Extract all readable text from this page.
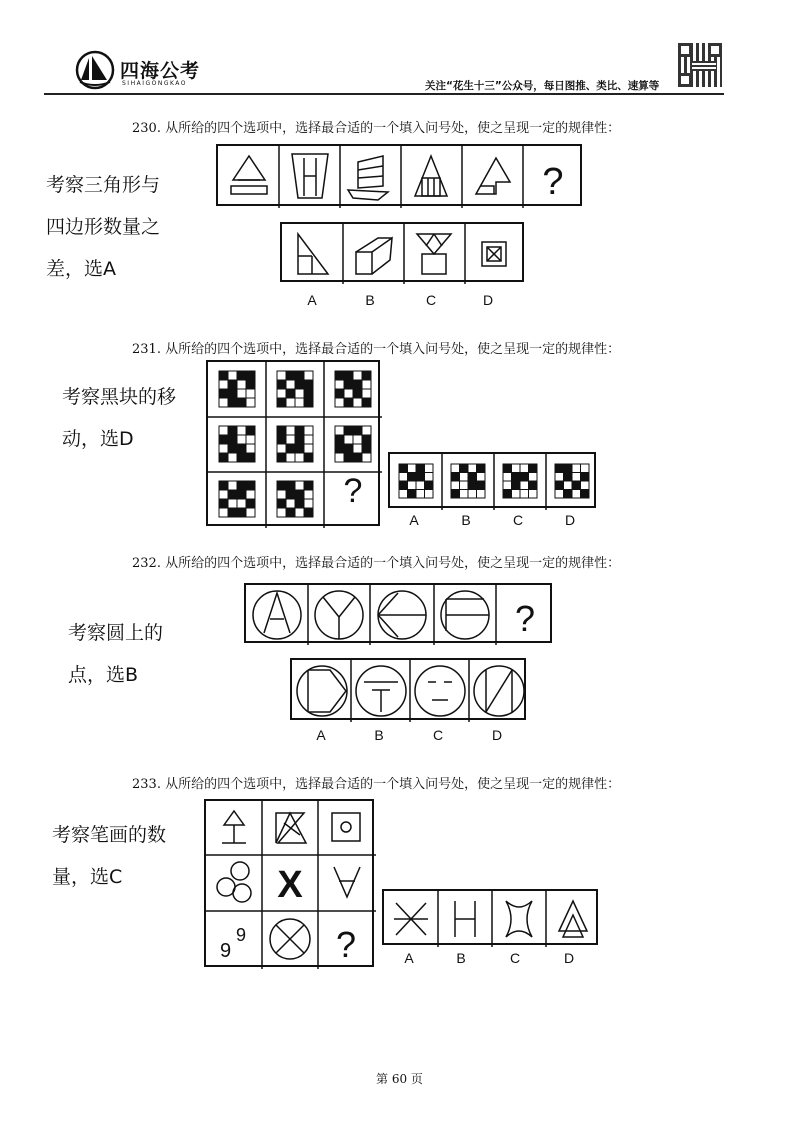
四海公考
SIHAIGONGKAO	关注“花生十三”公众号，每日图推、类比、速算等
230. 从所给的四个选项中，选择最合适的一个填入问号处，使之呈现一定的规律性：
考察三角形与
四边形数量之
差，选A
?
A	B	C	D
231. 从所给的四个选项中，选择最合适的一个填入问号处，使之呈现一定的规律性：
考察黑块的移
动，选D
?
A	B	C	D
232. 从所给的四个选项中，选择最合适的一个填入问号处，使之呈现一定的规律性：
考察圆上的
点，选B
?
A	B	C	D
233. 从所给的四个选项中，选择最合适的一个填入问号处，使之呈现一定的规律性：
考察笔画的数
量，选C	X
9
9 ?	A	B	C	D
第 60 页
